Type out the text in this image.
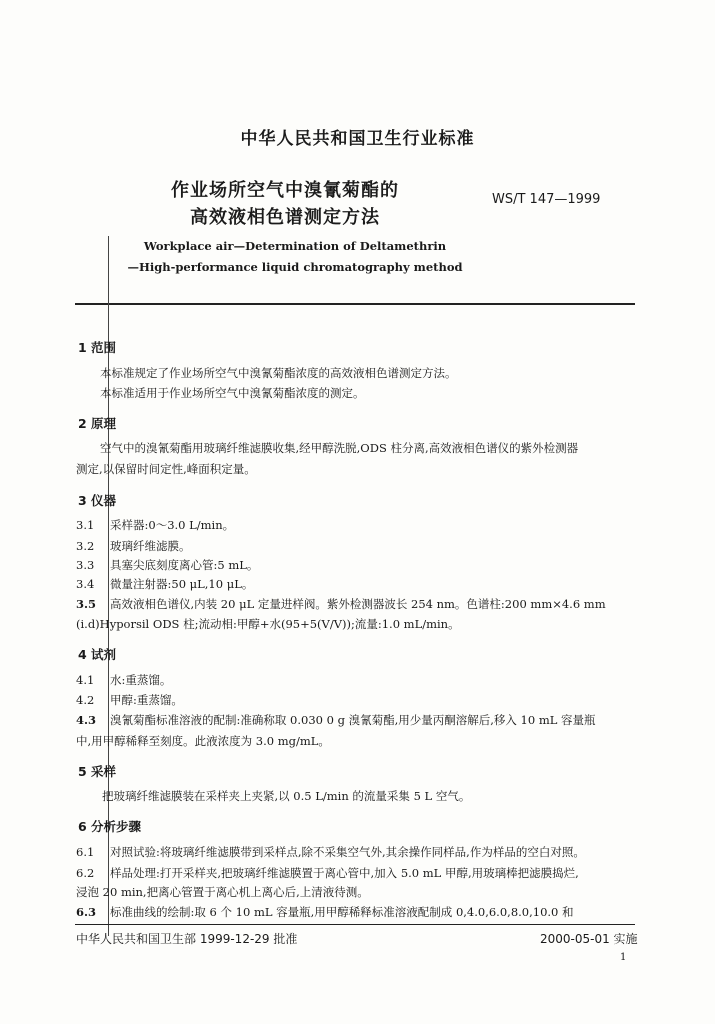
中华人民共和国卫生行业标准
作业场所空气中溴氰菊酯的
高效液相色谱测定方法
WS/T 147—1999
Workplace air—Determination of Deltamethrin
—High-performance liquid chromatography method
1 范围
本标准规定了作业场所空气中溴氰菊酯浓度的高效液相色谱测定方法。
本标准适用于作业场所空气中溴氰菊酯浓度的测定。
2 原理
空气中的溴氰菊酯用玻璃纤维滤膜收集,经甲醇洗脱,ODS 柱分离,高效液相色谱仪的紫外检测器
测定,以保留时间定性,峰面积定量。
3 仪器
3.1 采样器:0～3.0 L/min。
3.2 玻璃纤维滤膜。
3.3 具塞尖底刻度离心管:5 mL。
3.4 微量注射器:50 μL,10 μL。
3.5 高效液相色谱仪,内装 20 μL 定量进样阀。紫外检测器波长 254 nm。色谱柱:200 mm×4.6 mm
(i.d)Hyporsil ODS 柱;流动相:甲醇+水(95+5(V/V));流量:1.0 mL/min。
4 试剂
4.1 水:重蒸馏。
4.2 甲醇:重蒸馏。
4.3 溴氰菊酯标准溶液的配制:准确称取 0.030 0 g 溴氰菊酯,用少量丙酮溶解后,移入 10 mL 容量瓶
中,用甲醇稀释至刻度。此液浓度为 3.0 mg/mL。
5 采样
把玻璃纤维滤膜装在采样夹上夹紧,以 0.5 L/min 的流量采集 5 L 空气。
6 分析步骤
6.1 对照试验:将玻璃纤维滤膜带到采样点,除不采集空气外,其余操作同样品,作为样品的空白对照。
6.2 样品处理:打开采样夹,把玻璃纤维滤膜置于离心管中,加入 5.0 mL 甲醇,用玻璃棒把滤膜捣烂,
浸泡 20 min,把离心管置于离心机上离心后,上清液待测。
6.3 标准曲线的绘制:取 6 个 10 mL 容量瓶,用甲醇稀释标准溶液配制成 0,4.0,6.0,8.0,10.0 和
中华人民共和国卫生部 1999-12-29 批准	2000-05-01 实施
1
